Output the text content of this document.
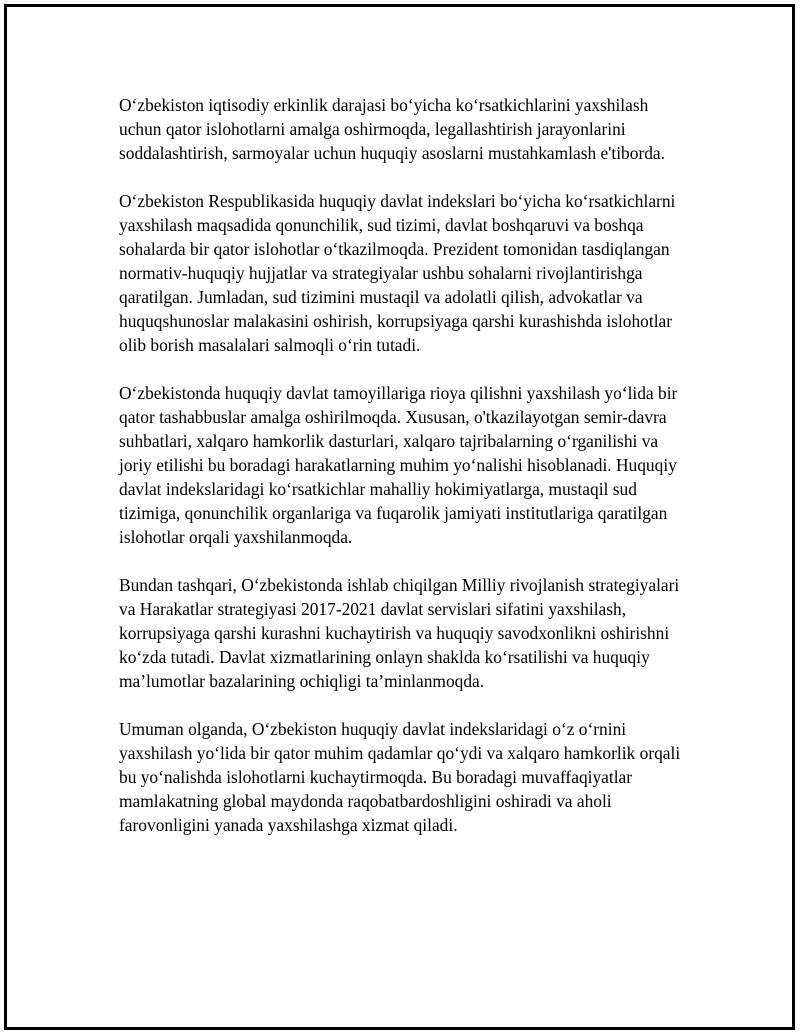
O‘zbekiston iqtisodiy erkinlik darajasi bo‘yicha ko‘rsatkichlarini yaxshilash uchun qator islohotlarni amalga oshirmoqda, legallashtirish jarayonlarini soddalashtirish, sarmoyalar uchun huquqiy asoslarni mustahkamlash e'tiborda.

O‘zbekiston Respublikasida huquqiy davlat indekslari bo‘yicha ko‘rsatkichlarni yaxshilash maqsadida qonunchilik, sud tizimi, davlat boshqaruvi va boshqa sohalarda bir qator islohotlar o‘tkazilmoqda. Prezident tomonidan tasdiqlangan normativ-huquqiy hujjatlar va strategiyalar ushbu sohalarni rivojlantirishga qaratilgan. Jumladan, sud tizimini mustaqil va adolatli qilish, advokatlar va huquqshunoslar malakasini oshirish, korrupsiyaga qarshi kurashishda islohotlar olib borish masalalari salmoqli o‘rin tutadi.

O‘zbekistonda huquqiy davlat tamoyillariga rioya qilishni yaxshilash yo‘lida bir qator tashabbuslar amalga oshirilmoqda. Xususan, o'tkazilayotgan semir-davra suhbatlari, xalqaro hamkorlik dasturlari, xalqaro tajribalarning o‘rganilishi va joriy etilishi bu boradagi harakatlarning muhim yo‘nalishi hisoblanadi. Huquqiy davlat indekslaridagi ko‘rsatkichlar mahalliy hokimiyatlarga, mustaqil sud tizimiga, qonunchilik organlariga va fuqarolik jamiyati institutlariga qaratilgan islohotlar orqali yaxshilanmoqda.

Bundan tashqari, O‘zbekistonda ishlab chiqilgan Milliy rivojlanish strategiyalari va Harakatlar strategiyasi 2017-2021 davlat servislari sifatini yaxshilash, korrupsiyaga qarshi kurashni kuchaytirish va huquqiy savodxonlikni oshirishni ko‘zda tutadi. Davlat xizmatlarining onlayn shaklda ko‘rsatilishi va huquqiy ma’lumotlar bazalarining ochiqligi ta’minlanmoqda.

Umuman olganda, O‘zbekiston huquqiy davlat indekslaridagi o‘z o‘rnini yaxshilash yo‘lida bir qator muhim qadamlar qo‘ydi va xalqaro hamkorlik orqali bu yo‘nalishda islohotlarni kuchaytirmoqda. Bu boradagi muvaffaqiyatlar mamlakatning global maydonda raqobatbardoshligini oshiradi va aholi farovonligini yanada yaxshilashga xizmat qiladi.
